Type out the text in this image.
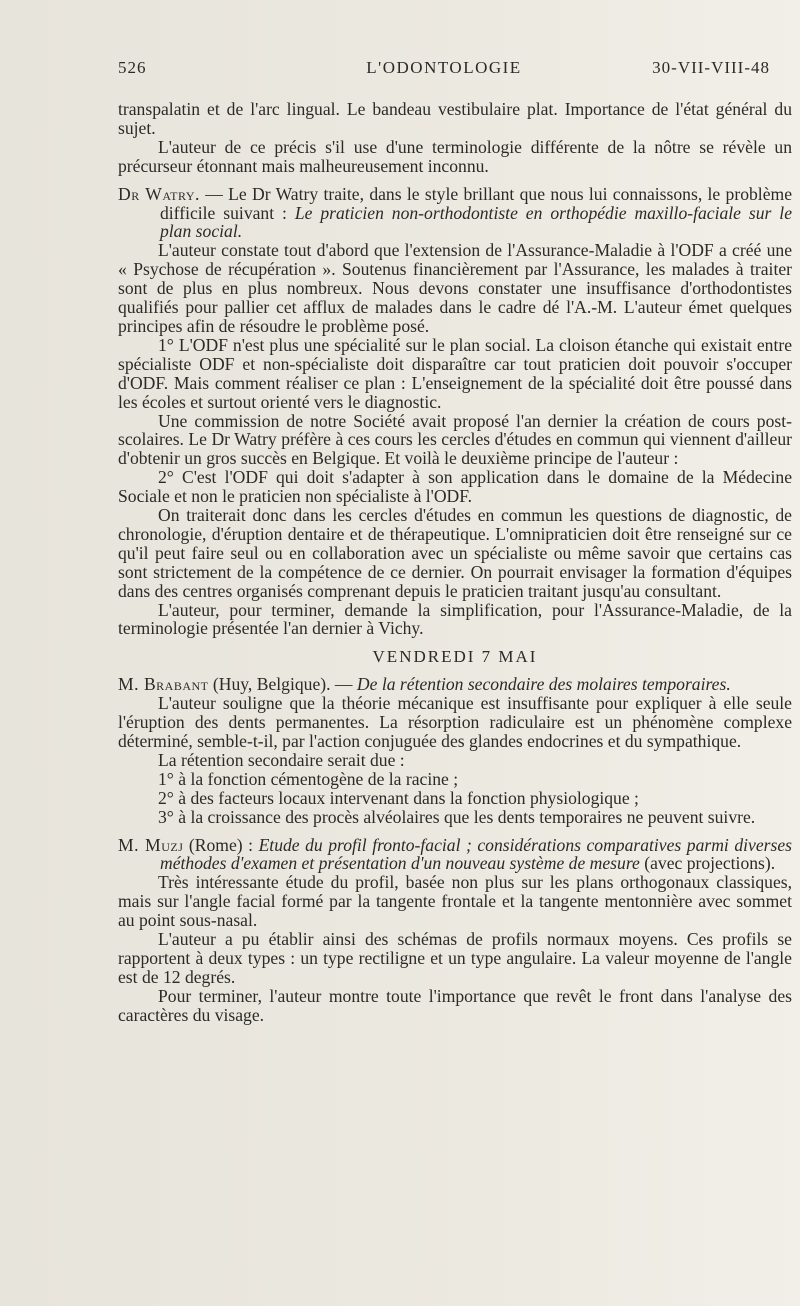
526	L'ODONTOLOGIE	30-VII-VIII-48

transpalatin et de l'arc lingual. Le bandeau vestibulaire plat. Importance de l'état général du sujet.

L'auteur de ce précis s'il use d'une terminologie différente de la nôtre se révèle un précurseur étonnant mais malheureusement inconnu.

Dr Watry. — Le Dr Watry traite, dans le style brillant que nous lui connaissons, le problème difficile suivant : Le praticien non-orthodontiste en orthopédie maxillo-faciale sur le plan social.

L'auteur constate tout d'abord que l'extension de l'Assurance-Maladie à l'ODF a créé une « Psychose de récupération ». Soutenus financièrement par l'Assurance, les malades à traiter sont de plus en plus nombreux. Nous devons constater une insuffisance d'orthodontistes qualifiés pour pallier cet afflux de malades dans le cadre dé l'A.-M. L'auteur émet quelques principes afin de résoudre le problème posé.

1° L'ODF n'est plus une spécialité sur le plan social. La cloison étanche qui existait entre spécialiste ODF et non-spécialiste doit disparaître car tout praticien doit pouvoir s'occuper d'ODF. Mais comment réaliser ce plan : L'enseignement de la spécialité doit être poussé dans les écoles et surtout orienté vers le diagnostic.

Une commission de notre Société avait proposé l'an dernier la création de cours post-scolaires. Le Dr Watry préfère à ces cours les cercles d'études en commun qui viennent d'ailleur d'obtenir un gros succès en Belgique. Et voilà le deuxième principe de l'auteur :

2° C'est l'ODF qui doit s'adapter à son application dans le domaine de la Médecine Sociale et non le praticien non spécialiste à l'ODF.

On traiterait donc dans les cercles d'études en commun les questions de diagnostic, de chronologie, d'éruption dentaire et de thérapeutique. L'omnipraticien doit être renseigné sur ce qu'il peut faire seul ou en collaboration avec un spécialiste ou même savoir que certains cas sont strictement de la compétence de ce dernier. On pourrait envisager la formation d'équipes dans des centres organisés comprenant depuis le praticien traitant jusqu'au consultant.

L'auteur, pour terminer, demande la simplification, pour l'Assurance-Maladie, de la terminologie présentée l'an dernier à Vichy.

VENDREDI 7 MAI

M. Brabant (Huy, Belgique). — De la rétention secondaire des molaires temporaires.

L'auteur souligne que la théorie mécanique est insuffisante pour expliquer à elle seule l'éruption des dents permanentes. La résorption radiculaire est un phénomène complexe déterminé, semble-t-il, par l'action conjuguée des glandes endocrines et du sympathique.

La rétention secondaire serait due :

1° à la fonction cémentogène de la racine ;

2° à des facteurs locaux intervenant dans la fonction physiologique ;

3° à la croissance des procès alvéolaires que les dents temporaires ne peuvent suivre.

M. Muzj (Rome) : Etude du profil fronto-facial ; considérations comparatives parmi diverses méthodes d'examen et présentation d'un nouveau système de mesure (avec projections).

Très intéressante étude du profil, basée non plus sur les plans orthogonaux classiques, mais sur l'angle facial formé par la tangente frontale et la tangente mentonnière avec sommet au point sous-nasal.

L'auteur a pu établir ainsi des schémas de profils normaux moyens. Ces profils se rapportent à deux types : un type rectiligne et un type angulaire. La valeur moyenne de l'angle est de 12 degrés.

Pour terminer, l'auteur montre toute l'importance que revêt le front dans l'analyse des caractères du visage.
